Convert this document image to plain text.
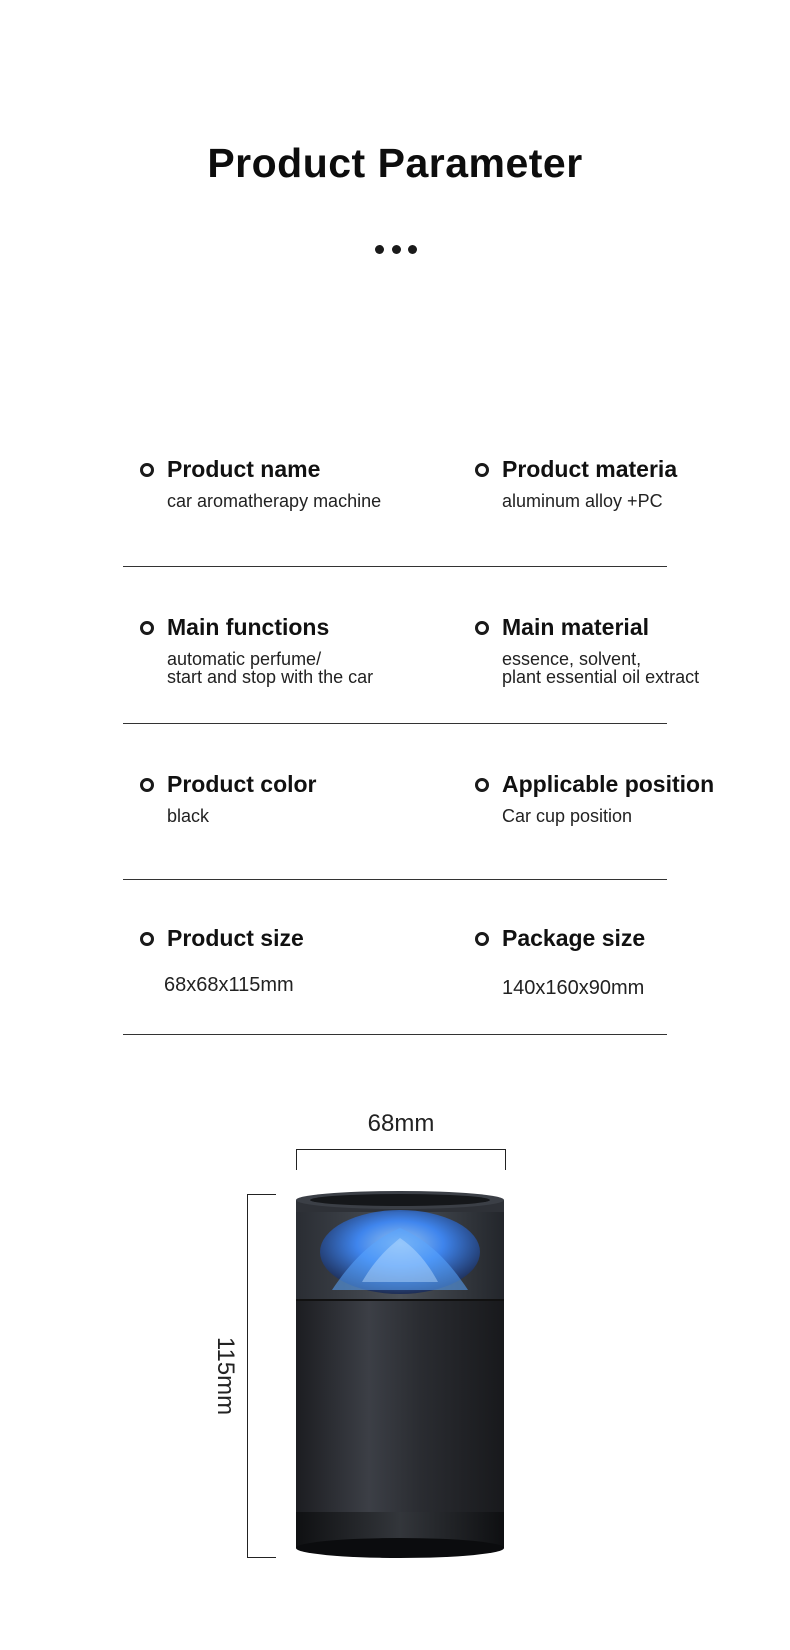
Product Parameter
Product name
car aromatherapy machine
Product materia
aluminum alloy +PC
Main functions
automatic perfume/
start and stop with the car
Main material
essence, solvent,
plant essential oil extract
Product color
black
Applicable position
Car cup position
Product size
68x68x115mm
Package size
140x160x90mm
68mm
115mm
